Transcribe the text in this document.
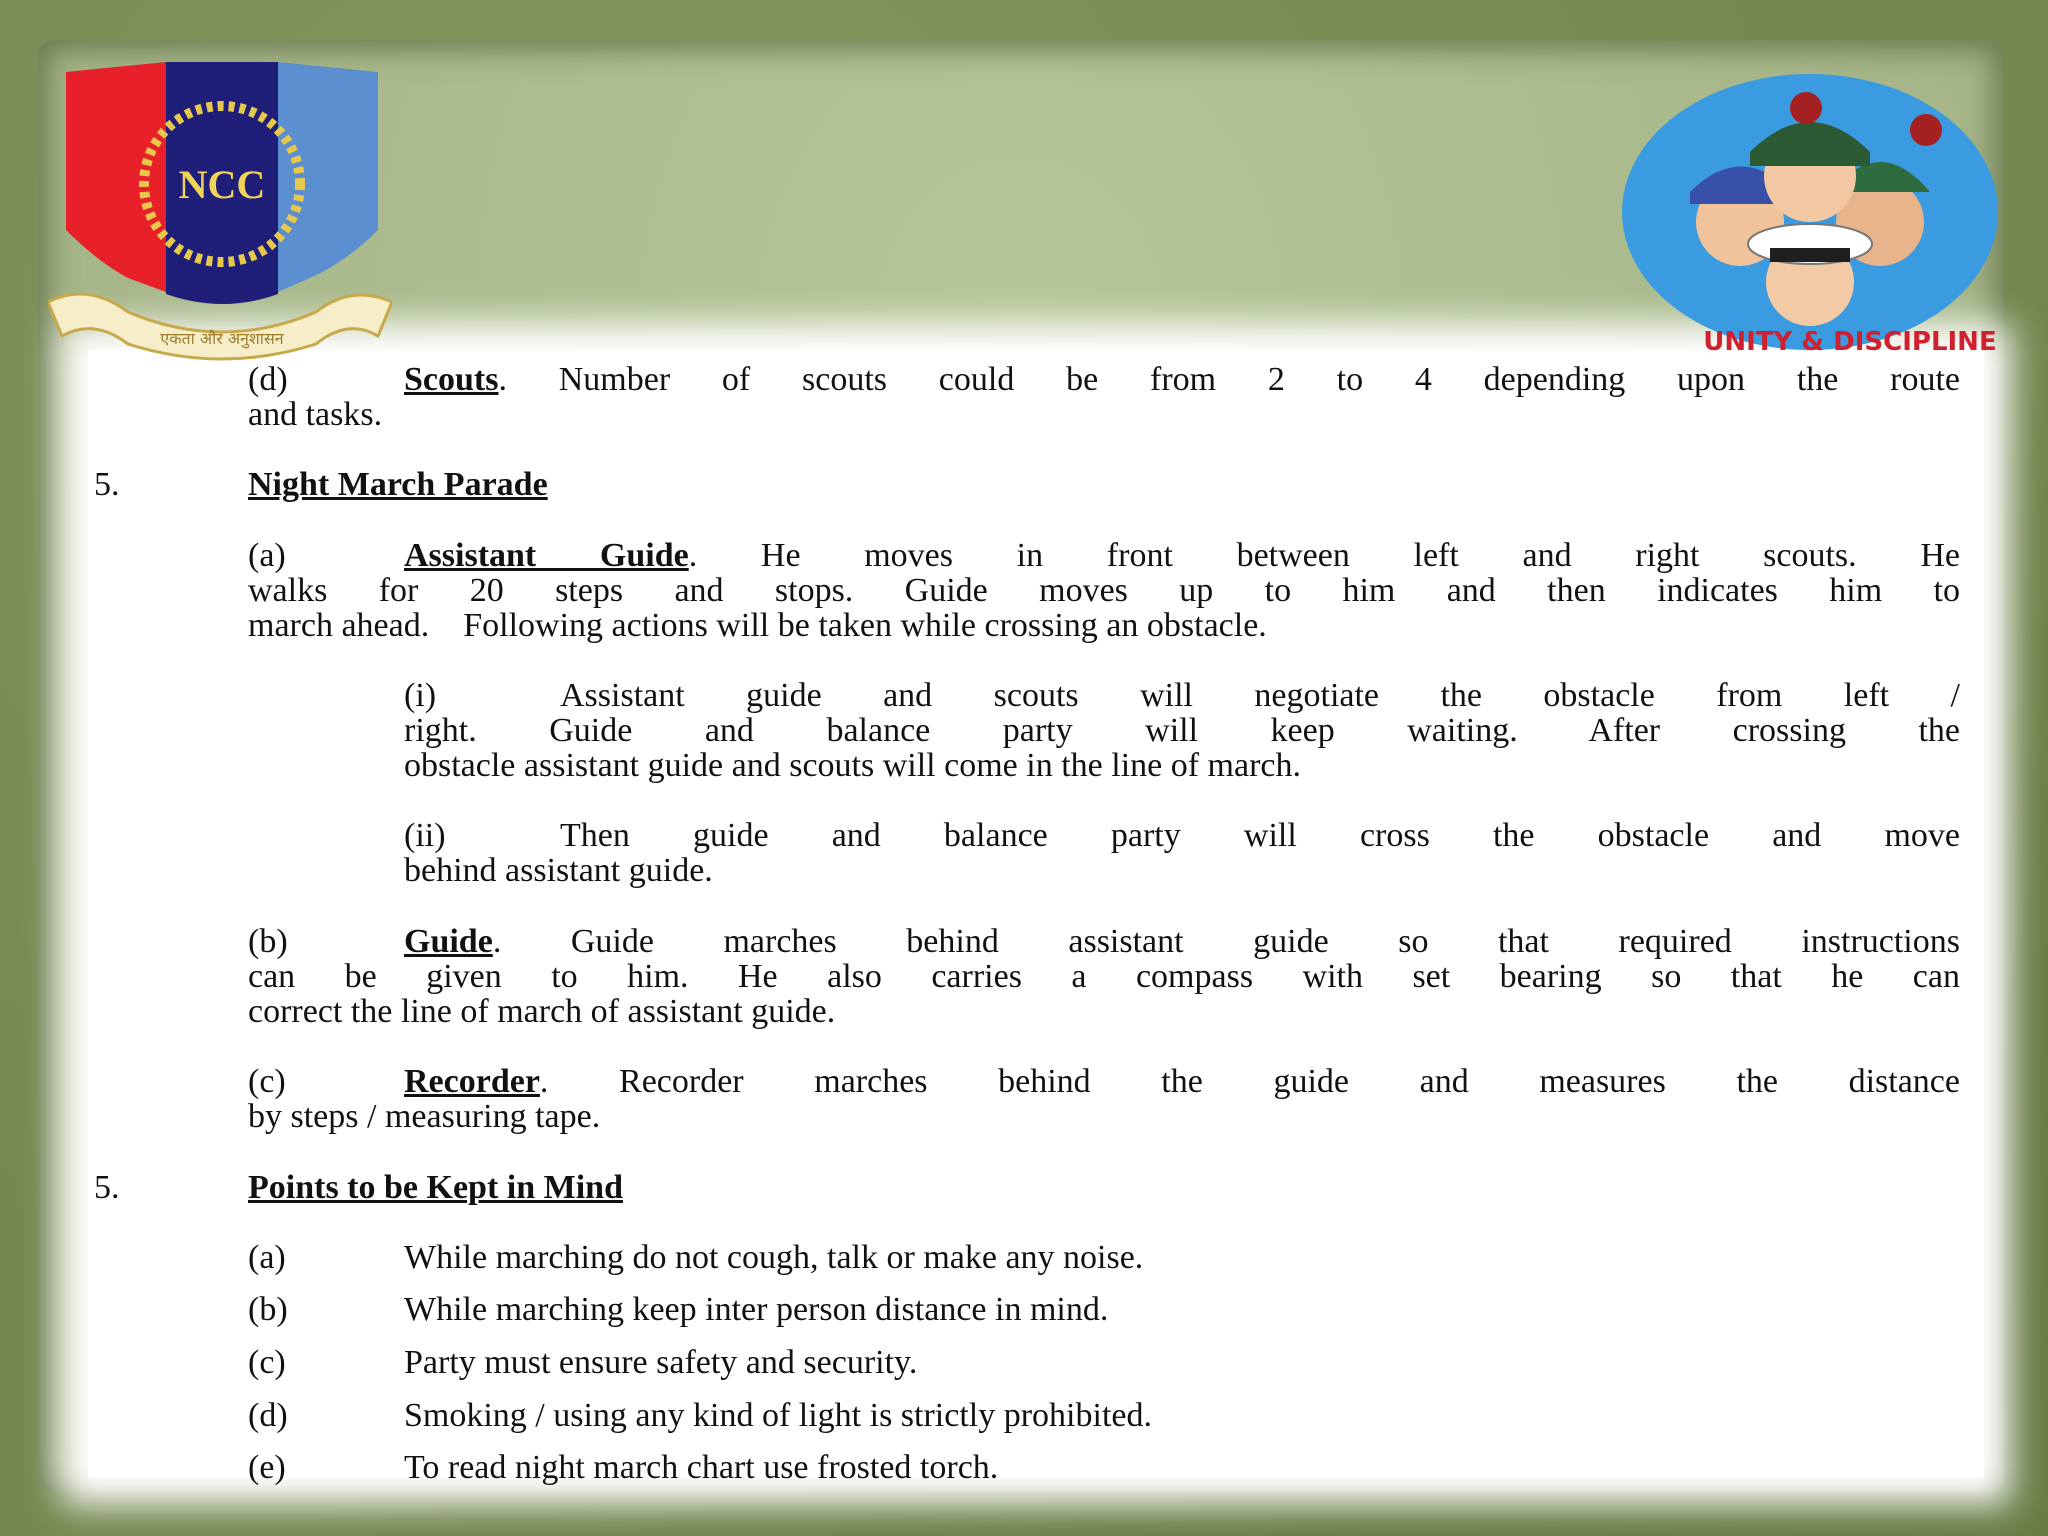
NCC
एकता और अनुशासन	UNITY & DISCIPLINE
(d)	Scouts. Number of scouts could be from 2 to 4 depending upon the route
and tasks.
5.	Night March Parade
(a)	Assistant Guide. He moves in front between left and right scouts. He
walks for 20 steps and stops. Guide moves up to him and then indicates him to
march ahead.    Following actions will be taken while crossing an obstacle.
(i)	Assistant guide and scouts will negotiate the obstacle from left /
right. Guide and balance party will keep waiting. After crossing the
obstacle assistant guide and scouts will come in the line of march.
(ii)	Then guide and balance party will cross the obstacle and move
behind assistant guide.
(b)	Guide. Guide marches behind assistant guide so that required instructions
can be given to him. He also carries a compass with set bearing so that he can
correct the line of march of assistant guide.
(c)	Recorder. Recorder marches behind the guide and measures the distance
by steps / measuring tape.
5.	Points to be Kept in Mind
(a)	While marching do not cough, talk or make any noise.
(b)	While marching keep inter person distance in mind.
(c)	Party must ensure safety and security.
(d)	Smoking / using any kind of light is strictly prohibited.
(e)	To read night march chart use frosted torch.
